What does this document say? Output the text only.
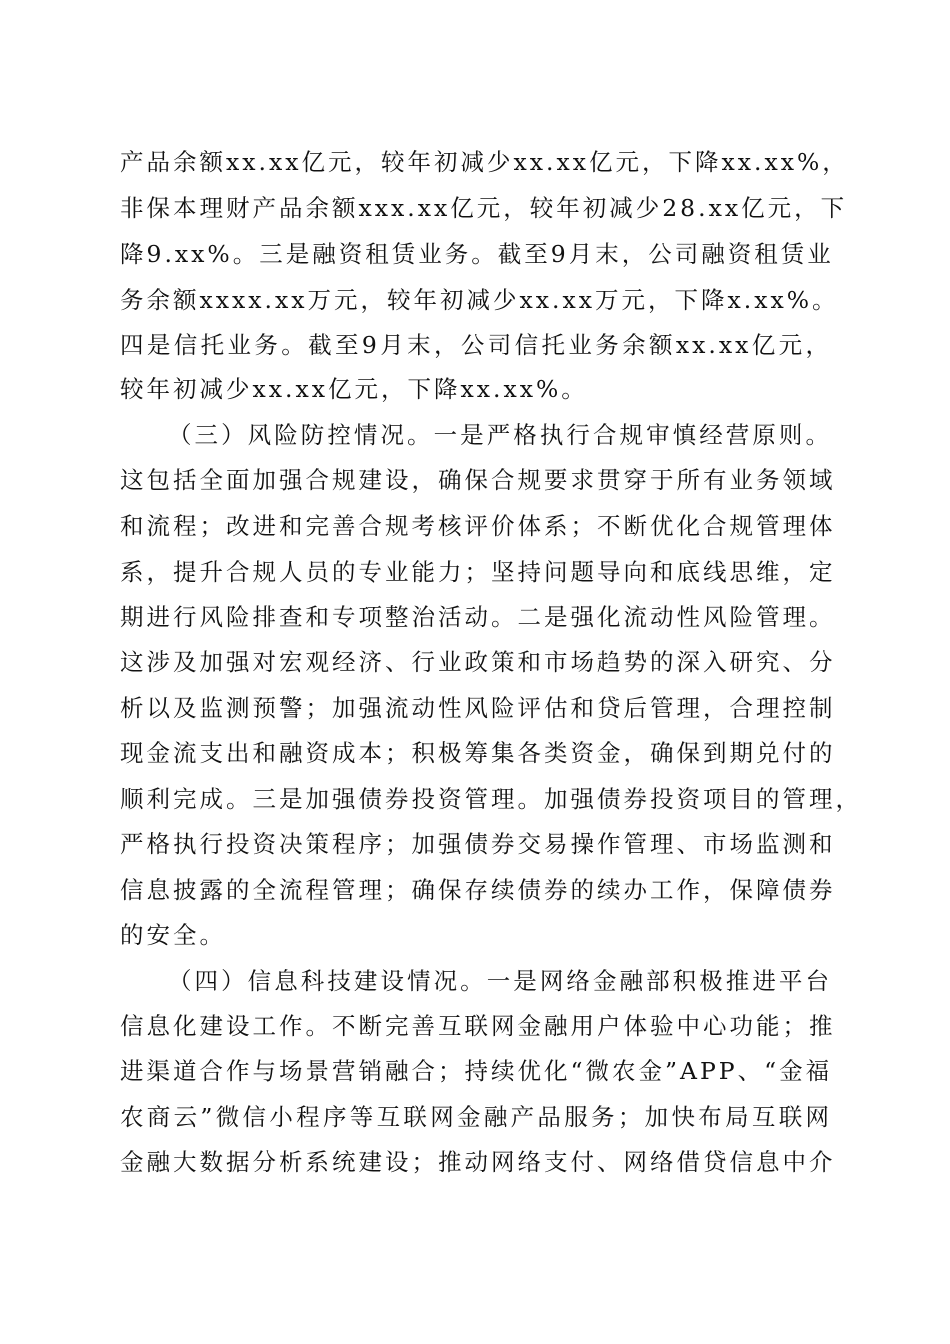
产品余额xx.xx亿元，较年初减少xx.xx亿元，下降xx.xx%，
非保本理财产品余额xxx.xx亿元，较年初减少28.xx亿元，下
降9.xx%。三是融资租赁业务。截至9月末，公司融资租赁业
务余额xxxx.xx万元，较年初减少xx.xx万元，下降x.xx%。
四是信托业务。截至9月末，公司信托业务余额xx.xx亿元，
较年初减少xx.xx亿元，下降xx.xx%。
（三）风险防控情况。一是严格执行合规审慎经营原则。
这包括全面加强合规建设，确保合规要求贯穿于所有业务领域
和流程；改进和完善合规考核评价体系；不断优化合规管理体
系，提升合规人员的专业能力；坚持问题导向和底线思维，定
期进行风险排查和专项整治活动。二是强化流动性风险管理。
这涉及加强对宏观经济、行业政策和市场趋势的深入研究、分
析以及监测预警；加强流动性风险评估和贷后管理，合理控制
现金流支出和融资成本；积极筹集各类资金，确保到期兑付的
顺利完成。三是加强债券投资管理。加强债券投资项目的管理，
严格执行投资决策程序；加强债券交易操作管理、市场监测和
信息披露的全流程管理；确保存续债券的续办工作，保障债券
的安全。
（四）信息科技建设情况。一是网络金融部积极推进平台
信息化建设工作。不断完善互联网金融用户体验中心功能；推
进渠道合作与场景营销融合；持续优化“微农金”APP、“金福
农商云”微信小程序等互联网金融产品服务；加快布局互联网
金融大数据分析系统建设；推动网络支付、网络借贷信息中介
